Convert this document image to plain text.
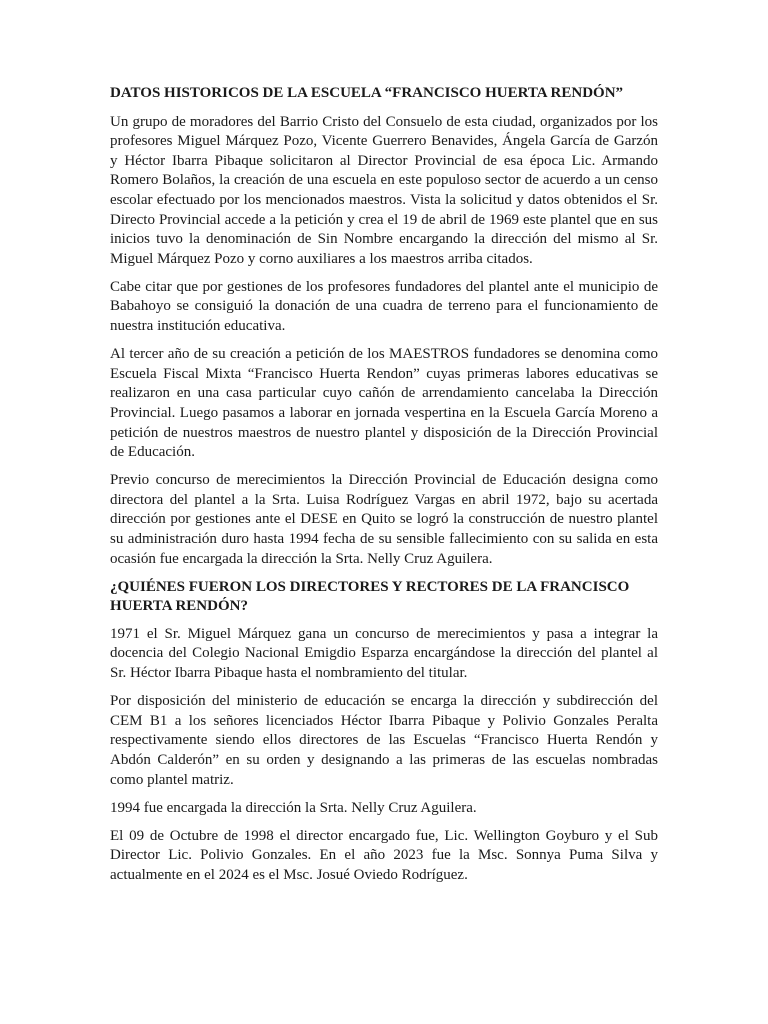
DATOS HISTORICOS DE LA ESCUELA “FRANCISCO HUERTA RENDÓN”

Un grupo de moradores del Barrio Cristo del Consuelo de esta ciudad, organizados por los profesores Miguel Márquez Pozo, Vicente Guerrero Benavides, Ángela García de Garzón y Héctor Ibarra Pibaque solicitaron al Director Provincial de esa época Lic. Armando Romero Bolaños, la creación de una escuela en este populoso sector de acuerdo a un censo escolar efectuado por los mencionados maestros. Vista la solicitud y datos obtenidos el Sr. Directo Provincial accede a la petición y crea el 19 de abril de 1969 este plantel que en sus inicios tuvo la denominación de Sin Nombre encargando la dirección del mismo al Sr. Miguel Márquez Pozo y corno auxiliares a los maestros arriba citados.

Cabe citar que por gestiones de los profesores fundadores del plantel ante el municipio de Babahoyo se consiguió la donación de una cuadra de terreno para el funcionamiento de nuestra institución educativa.

Al tercer año de su creación a petición de los MAESTROS fundadores se denomina como Escuela Fiscal Mixta “Francisco Huerta Rendon” cuyas primeras labores educativas se realizaron en una casa particular cuyo cañón de arrendamiento cancelaba la Dirección Provincial. Luego pasamos a laborar en jornada vespertina en la Escuela García Moreno a petición de nuestros maestros de nuestro plantel y disposición de la Dirección Provincial de Educación.

Previo concurso de merecimientos la Dirección Provincial de Educación designa como directora del plantel a la Srta. Luisa Rodríguez Vargas en abril 1972, bajo su acertada dirección por gestiones ante el DESE en Quito se logró la construcción de nuestro plantel su administración duro hasta 1994 fecha de su sensible fallecimiento con su salida en esta ocasión fue encargada la dirección la Srta. Nelly Cruz Aguilera.

¿QUIÉNES FUERON LOS DIRECTORES Y RECTORES DE LA FRANCISCO HUERTA RENDÓN?

1971 el Sr. Miguel Márquez gana un concurso de merecimientos y pasa a integrar la docencia del Colegio Nacional Emigdio Esparza encargándose la dirección del plantel al Sr. Héctor Ibarra Pibaque hasta el nombramiento del titular.

Por disposición del ministerio de educación se encarga la dirección y subdirección del CEM B1 a los señores licenciados Héctor Ibarra Pibaque y Polivio Gonzales Peralta respectivamente siendo ellos directores de las Escuelas “Francisco Huerta Rendón y Abdón Calderón” en su orden y designando a las primeras de las escuelas nombradas como plantel matriz.

1994 fue encargada la dirección la Srta. Nelly Cruz Aguilera.

El 09 de Octubre de 1998 el director encargado fue, Lic. Wellington Goyburo y el Sub Director Lic. Polivio Gonzales. En el año 2023 fue la Msc. Sonnya Puma Silva y actualmente en el 2024 es el Msc. Josué Oviedo Rodríguez.
